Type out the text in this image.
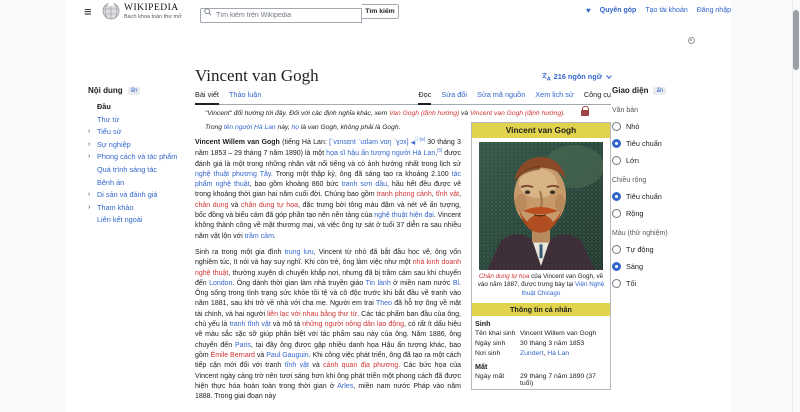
≡	WIKIPEDIA
Bách khoa toàn thư mở
Tìm kiếm trên Wikipedia
Tìm kiếm	♥ Quyên góp Tạo tài khoản Đăng nhập
Nội dung	ẩn
Đầu
Thư từ
› Tiểu sử
› Sự nghiệp
› Phong cách và tác phẩm
Quá trình sáng tác
Bệnh án
› Di sản và đánh giá
› Tham khảo
Liên kết ngoài
Giao diện	ẩn
Văn bản
Nhỏ
Tiêu chuẩn
Lớn
Chiều rộng
Tiêu chuẩn
Rộng
Màu (thử nghiệm)
Tự động
Sáng
Tối
Vincent van Gogh	A 216 ngôn ngữ
Bài viết Thảo luận	Đọc Sửa đổi Sửa mã nguồn Xem lịch sử Công cụ
"Vincent" đổi hướng tới đây. Đối với các định nghĩa khác, xem Van Gogh (định hướng) và Vincent van Gogh (định hướng).
Vincent van Gogh
Chân dung tự họa của Vincent van Gogh, vẽ vào năm 1887, được trưng bày tại Viện Nghệ thuật Chicago
Thông tin cá nhân
Sinh
Tên khai sinh Vincent Willem van Gogh
Ngày sinh	30 tháng 3 năm 1853
Nơi sinh	Zundert, Hà Lan
Mất
Ngày mất	29 tháng 7 năm 1890 (37 tuổi)
Trong tên người Hà Lan này, họ là van Gogh, không phải là Gogh.

Vincent Willem van Gogh (tiếng Hà Lan: [ˈvɪnsɛnt ˈʋɪləm vɑŋ ˈɣɔx] ◀)$^{ⓘ[a]}$ 30 tháng 3 năm 1853 – 29 tháng 7 năm 1890) là một họa sĩ hậu ấn tượng người Hà Lan,[5] được đánh giá là một trong những nhân vật nổi tiếng và có ảnh hưởng nhất trong lịch sử nghệ thuật phương Tây. Trong một thập kỷ, ông đã sáng tạo ra khoảng 2.100 tác phẩm nghệ thuật, bao gồm khoảng 860 bức tranh sơn dầu, hầu hết đều được vẽ trong khoảng thời gian hai năm cuối đời. Chúng bao gồm tranh phong cảnh, tĩnh vật, chân dung và chân dung tự họa, đặc trưng bởi tông màu đậm và nét vẽ ấn tượng, bốc đồng và biểu cảm đã góp phần tạo nên nền tảng của nghệ thuật hiện đại. Vincent không thành công về mặt thương mại, và việc ông tự sát ở tuổi 37 diễn ra sau nhiều năm vật lộn với trầm cảm.

Sinh ra trong một gia đình trung lưu, Vincent từ nhỏ đã bắt đầu học vẽ, ông vốn nghiêm túc, ít nói và hay suy nghĩ. Khi còn trẻ, ông làm việc như một nhà kinh doanh nghệ thuật, thường xuyên di chuyển khắp nơi, nhưng đã bị trầm cảm sau khi chuyển đến London. Ông dành thời gian làm nhà truyền giáo Tin lành ở miền nam nước Bỉ. Ông sống trong tình trạng sức khỏe tồi tệ và cô độc trước khi bắt đầu vẽ tranh vào năm 1881, sau khi trở về nhà với cha mẹ. Người em trai Theo đã hỗ trợ ông về mặt tài chính, và hai người liên lạc với nhau bằng thư từ. Các tác phẩm ban đầu của ông, chủ yếu là tranh tĩnh vật và mô tả những người nông dân lao động, có rất ít dấu hiệu về màu sắc sặc sỡ giúp phân biệt với tác phẩm sau này của ông. Năm 1886, ông chuyển đến Paris, tại đây ông được gặp nhiều danh họa Hậu ấn tượng khác, bao gồm Émile Bernard và Paul Gauguin. Khi công việc phát triển, ông đã tạo ra một cách tiếp cận mới đối với tranh tĩnh vật và cảnh quan địa phương. Các bức họa của Vincent ngày càng trở nên tươi sáng hơn khi ông phát triển một phong cách đã được hiện thực hóa hoàn toàn trong thời gian ở Arles, miền nam nước Pháp vào năm 1888. Trong giai đoạn này
